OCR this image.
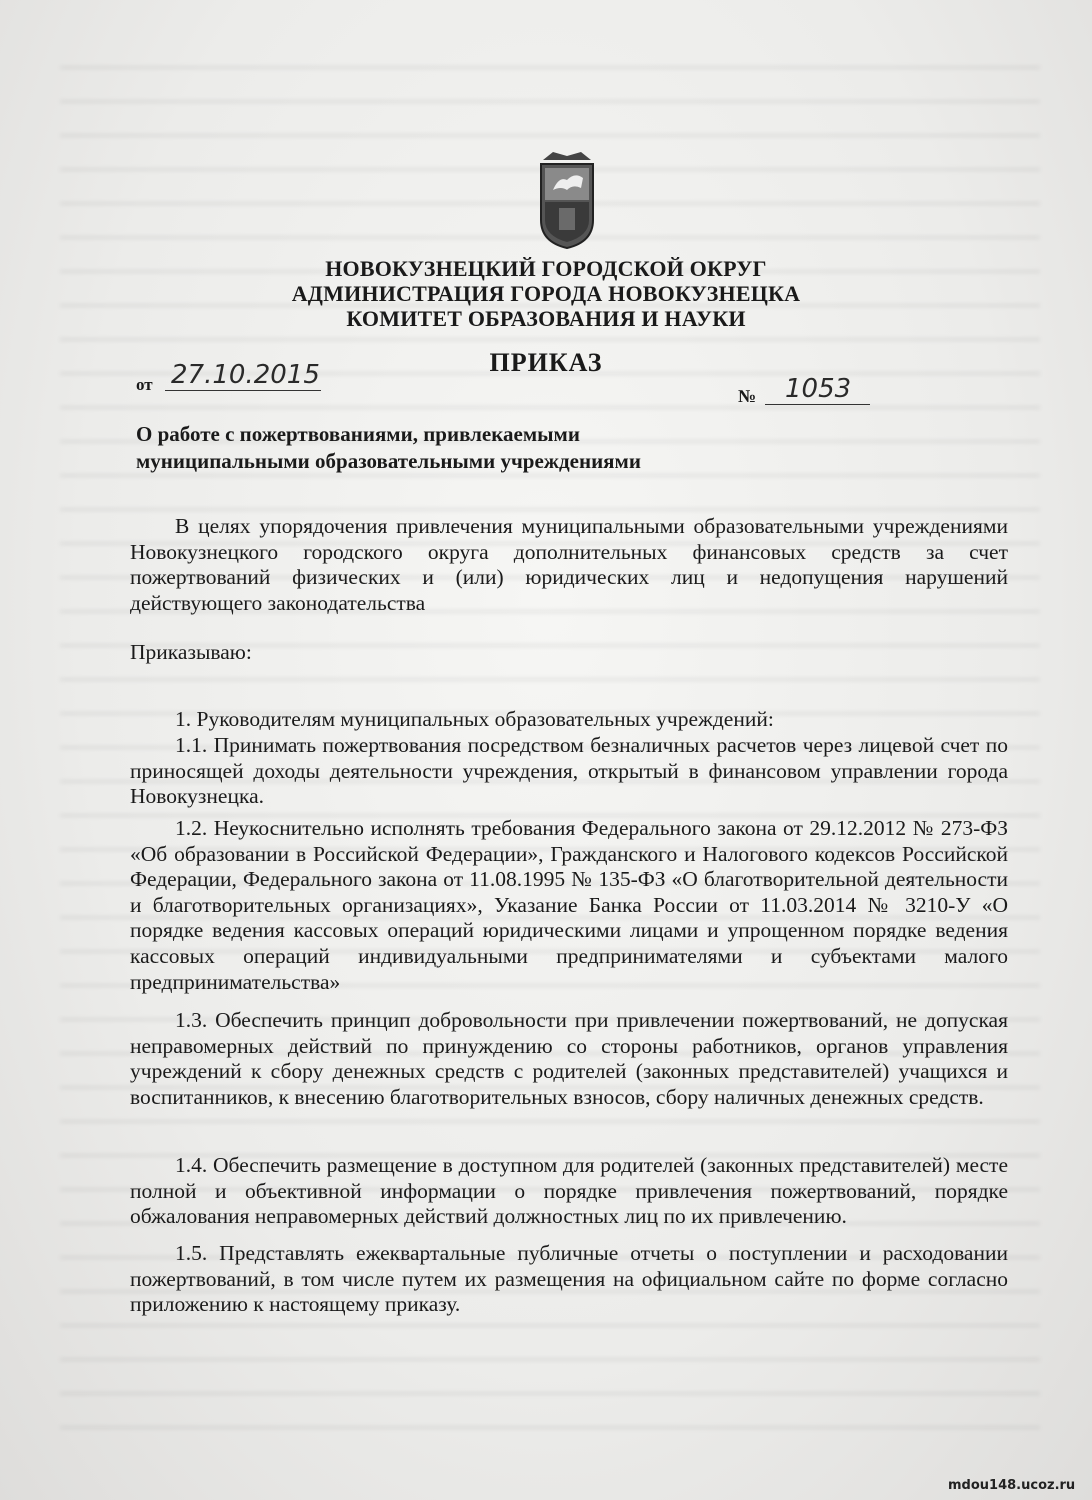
НОВОКУЗНЕЦКИЙ ГОРОДСКОЙ ОКРУГ
АДМИНИСТРАЦИЯ ГОРОДА НОВОКУЗНЕЦКА
КОМИТЕТ ОБРАЗОВАНИЯ И НАУКИ
ПРИКАЗ
от 27.10.2015
№	1053
О работе с пожертвованиями, привлекаемыми
муниципальными образовательными учреждениями
В целях упорядочения привлечения муниципальными образовательными учреждениями Новокузнецкого городского округа дополнительных финансовых средств за счет пожертвований физических и (или) юридических лиц и недопущения нарушений действующего законодательства
Приказываю:
1. Руководителям муниципальных образовательных учреждений:
1.1. Принимать пожертвования посредством безналичных расчетов через лицевой счет по приносящей доходы деятельности учреждения, открытый в финансовом управлении города Новокузнецка.
1.2. Неукоснительно исполнять требования Федерального закона от 29.12.2012 № 273-ФЗ «Об образовании в Российской Федерации», Гражданского и Налогового кодексов Российской Федерации, Федерального закона от 11.08.1995 № 135-ФЗ «О благотворительной деятельности и благотворительных организациях», Указание Банка России от 11.03.2014 № 3210-У «О порядке ведения кассовых операций юридическими лицами и упрощенном порядке ведения кассовых операций индивидуальными предпринимателями и субъектами малого предпринимательства»
1.3. Обеспечить принцип добровольности при привлечении пожертвований, не допуская неправомерных действий по принуждению со стороны работников, органов управления учреждений к сбору денежных средств с родителей (законных представителей) учащихся и воспитанников, к внесению благотворительных взносов, сбору наличных денежных средств.
1.4. Обеспечить размещение в доступном для родителей (законных представителей) месте полной и объективной информации о порядке привлечения пожертвований, порядке обжалования неправомерных действий должностных лиц по их привлечению.
1.5. Представлять ежеквартальные публичные отчеты о поступлении и расходовании пожертвований, в том числе путем их размещения на официальном сайте по форме согласно приложению к настоящему приказу.
mdou148.ucoz.ru
